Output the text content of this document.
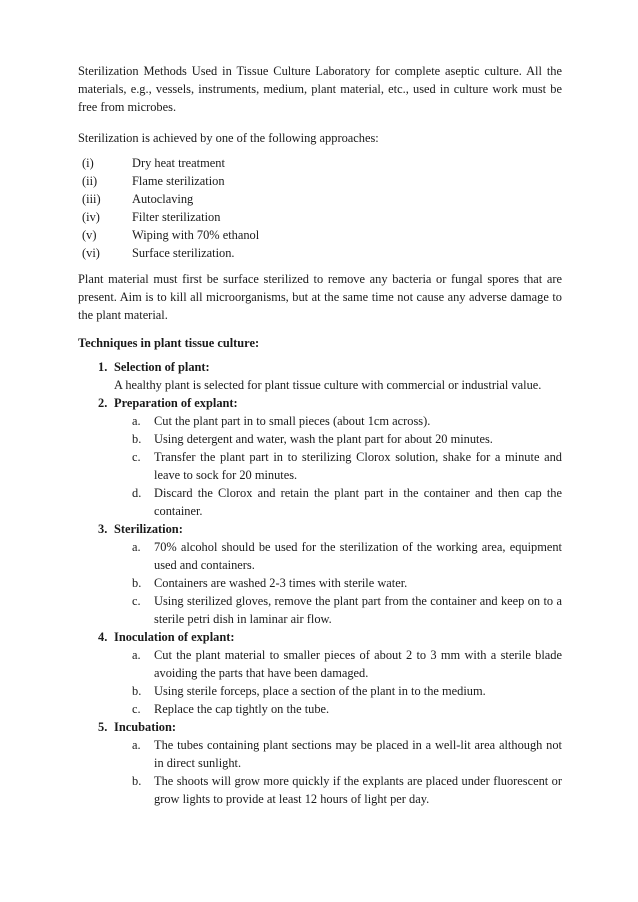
Sterilization Methods Used in Tissue Culture Laboratory for complete aseptic culture. All the materials, e.g., vessels, instruments, medium, plant material, etc., used in culture work must be free from microbes.

Sterilization is achieved by one of the following approaches:

(i)	Dry heat treatment
(ii)	Flame sterilization
(iii)	Autoclaving
(iv)	Filter sterilization
(v)	Wiping with 70% ethanol
(vi)	Surface sterilization.

Plant material must first be surface sterilized to remove any bacteria or fungal spores that are present. Aim is to kill all microorganisms, but at the same time not cause any adverse damage to the plant material.

Techniques in plant tissue culture:
1. Selection of plant:
A healthy plant is selected for plant tissue culture with commercial or industrial value.
2. Preparation of explant:
a.	Cut the plant part in to small pieces (about 1cm across).
b.	Using detergent and water, wash the plant part for about 20 minutes.
c.	Transfer the plant part in to sterilizing Clorox solution, shake for a minute and leave to sock for 20 minutes.
d.	Discard the Clorox and retain the plant part in the container and then cap the container.
3. Sterilization:
a.	70% alcohol should be used for the sterilization of the working area, equipment used and containers.
b.	Containers are washed 2-3 times with sterile water.
c.	Using sterilized gloves, remove the plant part from the container and keep on to a sterile petri dish in laminar air flow.
4. Inoculation of explant:
a.	Cut the plant material to smaller pieces of about 2 to 3 mm with a sterile blade avoiding the parts that have been damaged.
b.	Using sterile forceps, place a section of the plant in to the medium.
c.	Replace the cap tightly on the tube.
5. Incubation:
a.	The tubes containing plant sections may be placed in a well-lit area although not in direct sunlight.
b.	The shoots will grow more quickly if the explants are placed under fluorescent or grow lights to provide at least 12 hours of light per day.
